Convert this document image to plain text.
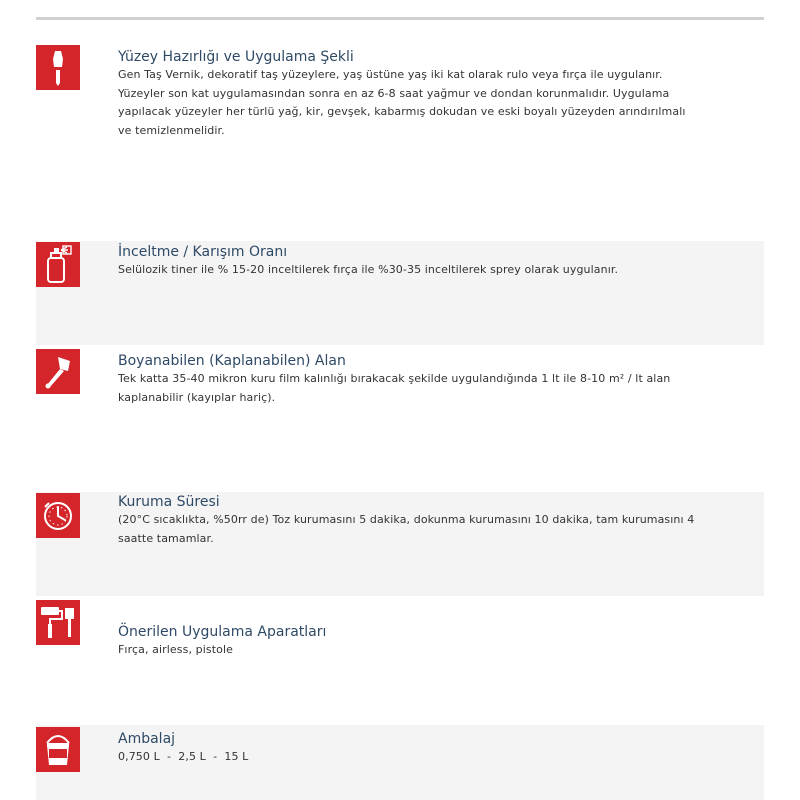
Yüzey Hazırlığı ve Uygulama Şekli

Gen Taş Vernik, dekoratif taş yüzeylere, yaş üstüne yaş iki kat olarak rulo veya fırça ile uygulanır.
Yüzeyler son kat uygulamasından sonra en az 6-8 saat yağmur ve dondan korunmalıdır. Uygulama
yapılacak yüzeyler her türlü yağ, kir, gevşek, kabarmış dokudan ve eski boyalı yüzeyden arındırılmalı
ve temizlenmelidir.

İnceltme / Karışım Oranı

Selülozik tiner ile % 15-20 inceltilerek fırça ile %30-35 inceltilerek sprey olarak uygulanır.

Boyanabilen (Kaplanabilen) Alan

Tek katta 35-40 mikron kuru film kalınlığı bırakacak şekilde uygulandığında 1 lt ile 8-10 m² / lt alan
kaplanabilir (kayıplar hariç).

Kuruma Süresi

(20°C sıcaklıkta, %50rr de) Toz kurumasını 5 dakika, dokunma kurumasını 10 dakika, tam kurumasını 4
saatte tamamlar.

Önerilen Uygulama Aparatları

Fırça, airless, pistole

Ambalaj

0,750 L  -  2,5 L  -  15 L
